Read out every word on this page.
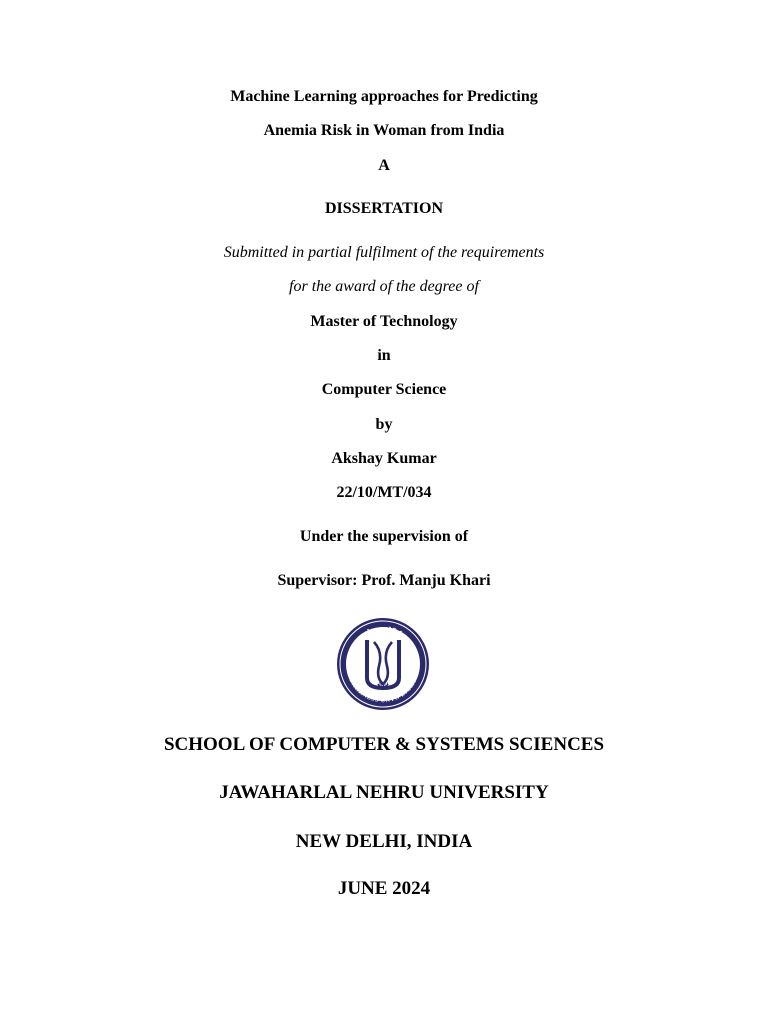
Machine Learning approaches for Predicting
Anemia Risk in Woman from India
A
DISSERTATION
Submitted in partial fulfilment of the requirements
for the award of the degree of
Master of Technology
in
Computer Science
by
Akshay Kumar
22/10/MT/034
Under the supervision of
Supervisor: Prof. Manju Khari
तमसो मा ज्योतिर्गमय
DARKNESS UNTO LIGHT
JNU
SCHOOL OF COMPUTER & SYSTEMS SCIENCES
JAWAHARLAL NEHRU UNIVERSITY
NEW DELHI, INDIA
JUNE 2024
